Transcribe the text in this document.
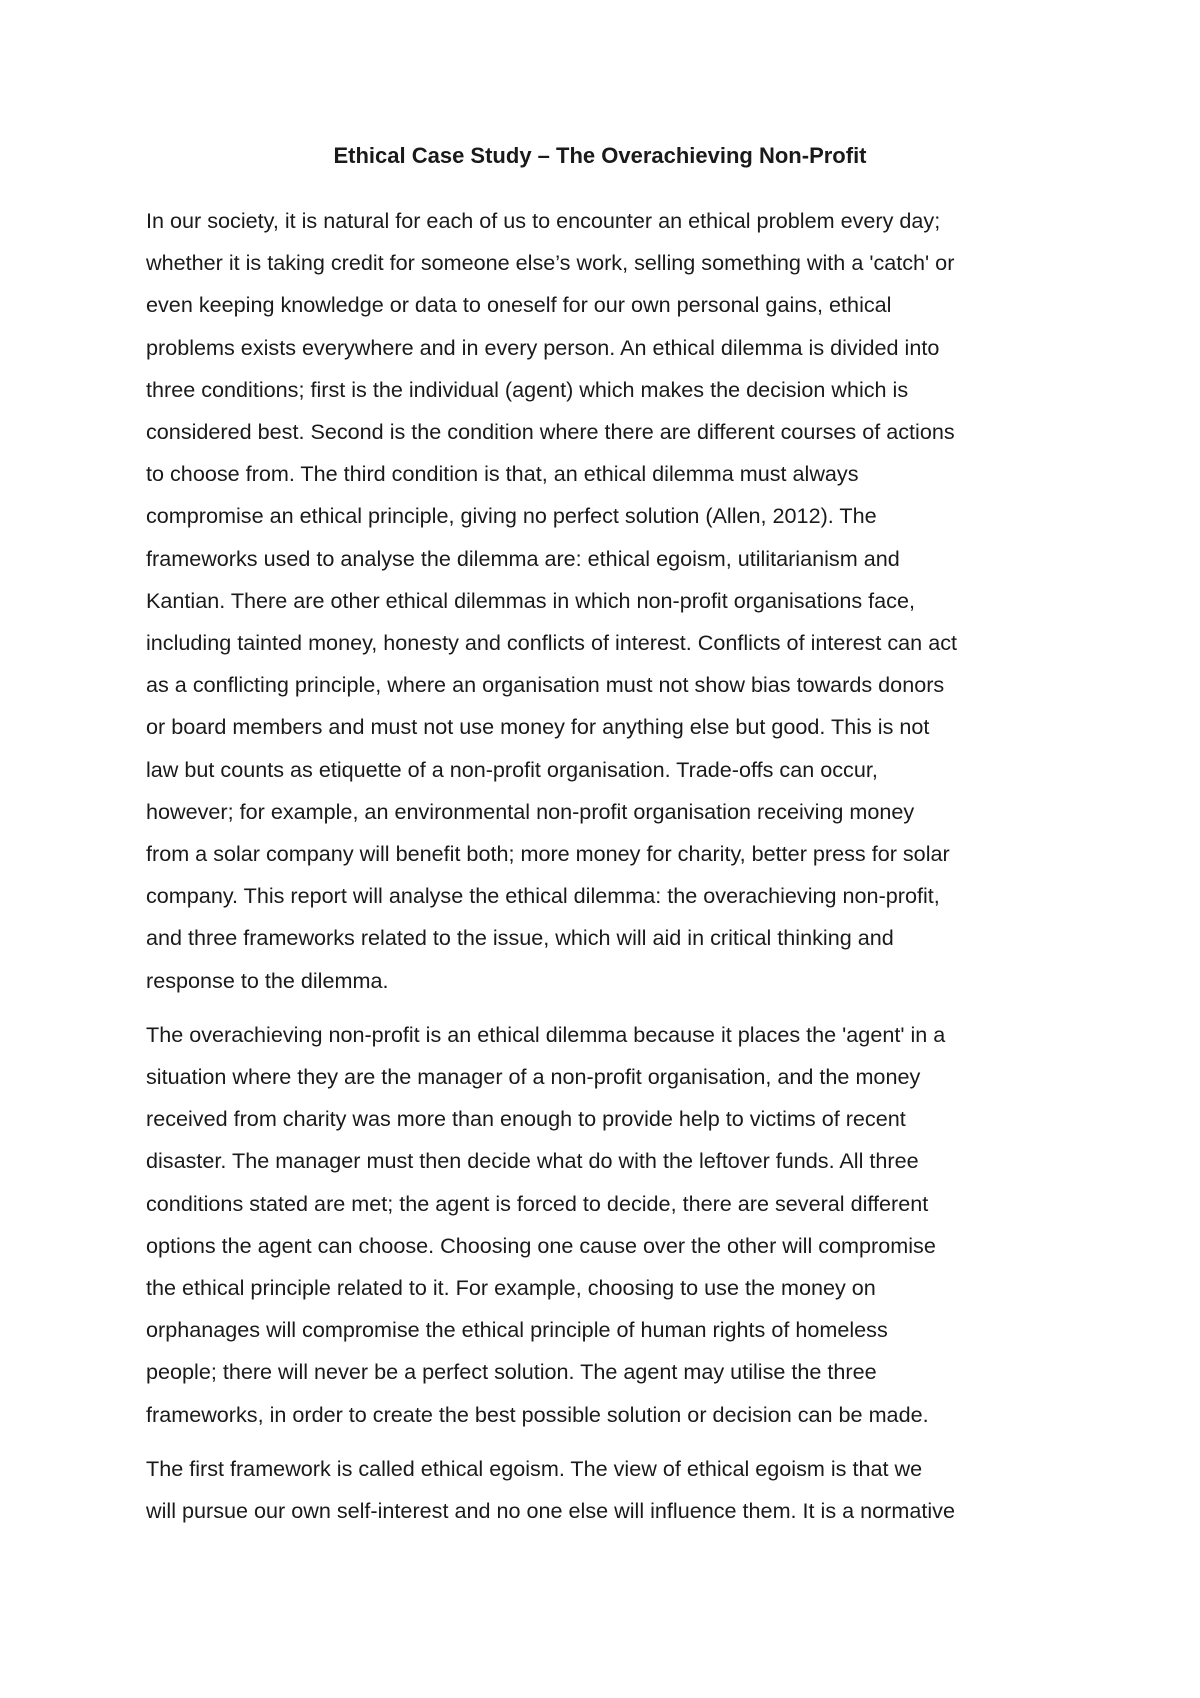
Ethical Case Study – The Overachieving Non-Profit
In our society, it is natural for each of us to encounter an ethical problem every day;
whether it is taking credit for someone else’s work, selling something with a 'catch' or
even keeping knowledge or data to oneself for our own personal gains, ethical
problems exists everywhere and in every person. An ethical dilemma is divided into
three conditions; first is the individual (agent) which makes the decision which is
considered best. Second is the condition where there are different courses of actions
to choose from. The third condition is that, an ethical dilemma must always
compromise an ethical principle, giving no perfect solution (Allen, 2012). The
frameworks used to analyse the dilemma are: ethical egoism, utilitarianism and
Kantian. There are other ethical dilemmas in which non-profit organisations face,
including tainted money, honesty and conflicts of interest. Conflicts of interest can act
as a conflicting principle, where an organisation must not show bias towards donors
or board members and must not use money for anything else but good. This is not
law but counts as etiquette of a non-profit organisation. Trade-offs can occur,
however; for example, an environmental non-profit organisation receiving money
from a solar company will benefit both; more money for charity, better press for solar
company. This report will analyse the ethical dilemma: the overachieving non-profit,
and three frameworks related to the issue, which will aid in critical thinking and
response to the dilemma.
The overachieving non-profit is an ethical dilemma because it places the 'agent' in a
situation where they are the manager of a non-profit organisation, and the money
received from charity was more than enough to provide help to victims of recent
disaster. The manager must then decide what do with the leftover funds. All three
conditions stated are met; the agent is forced to decide, there are several different
options the agent can choose. Choosing one cause over the other will compromise
the ethical principle related to it. For example, choosing to use the money on
orphanages will compromise the ethical principle of human rights of homeless
people; there will never be a perfect solution. The agent may utilise the three
frameworks, in order to create the best possible solution or decision can be made.
The first framework is called ethical egoism. The view of ethical egoism is that we
will pursue our own self-interest and no one else will influence them. It is a normative
